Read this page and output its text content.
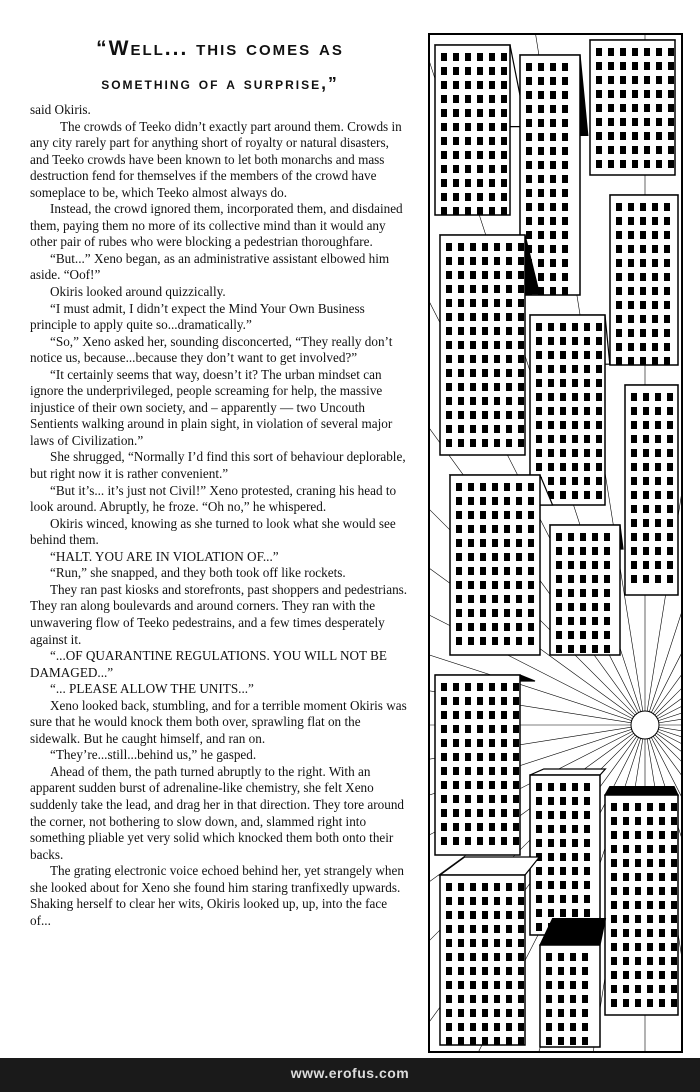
“Well... this comes as
something of a surprise,”

said Okiris.

The crowds of Teeko didn’t exactly part around them. Crowds in any city rarely part for anything short of royalty or natural disasters, and Teeko crowds have been known to let both monarchs and mass destruction fend for themselves if the members of the crowd have someplace to be, which Teeko almost always do.

Instead, the crowd ignored them, incorporated them, and disdained them, paying them no more of its collective mind than it would any other pair of rubes who were blocking a pedestrian thoroughfare.

“But...” Xeno began, as an administrative assistant elbowed him aside. “Oof!”

Okiris looked around quizzically.

“I must admit, I didn’t expect the Mind Your Own Business principle to apply quite so...dramatically.”

“So,” Xeno asked her, sounding disconcerted, “They really don’t notice us, because...because they don’t want to get involved?”

“It certainly seems that way, doesn’t it? The urban mindset can ignore the underprivileged, people screaming for help, the massive injustice of their own society, and – apparently — two Uncouth Sentients walking around in plain sight, in violation of several major laws of Civilization.”

She shrugged, “Normally I’d find this sort of behaviour deplorable, but right now it is rather convenient.”

“But it’s... it’s just not Civil!” Xeno protested, craning his head to look around. Abruptly, he froze. “Oh no,” he whispered.

Okiris winced, knowing as she turned to look what she would see behind them.

“HALT. YOU ARE IN VIOLATION OF...”

“Run,” she snapped, and they both took off like rockets.

They ran past kiosks and storefronts, past shoppers and pedestrians. They ran along boulevards and around corners. They ran with the unwavering flow of Teeko pedestrains, and a few times desperately against it.

“...OF QUARANTINE REGULATIONS. YOU WILL NOT BE DAMAGED...”

“... PLEASE ALLOW THE UNITS...”

Xeno looked back, stumbling, and for a terrible moment Okiris was sure that he would knock them both over, sprawling flat on the sidewalk. But he caught himself, and ran on.

“They’re...still...behind us,” he gasped.

Ahead of them, the path turned abruptly to the right. With an apparent sudden burst of adrenaline-like chemistry, she felt Xeno suddenly take the lead, and drag her in that direction. They tore around the corner, not bothering to slow down, and, slammed right into something pliable yet very solid which knocked them both onto their backs.

The grating electronic voice echoed behind her, yet strangely when she looked about for Xeno she found him staring tranfixedly upwards. Shaking herself to clear her wits, Okiris looked up, up, into the face of...

www.erofus.com
